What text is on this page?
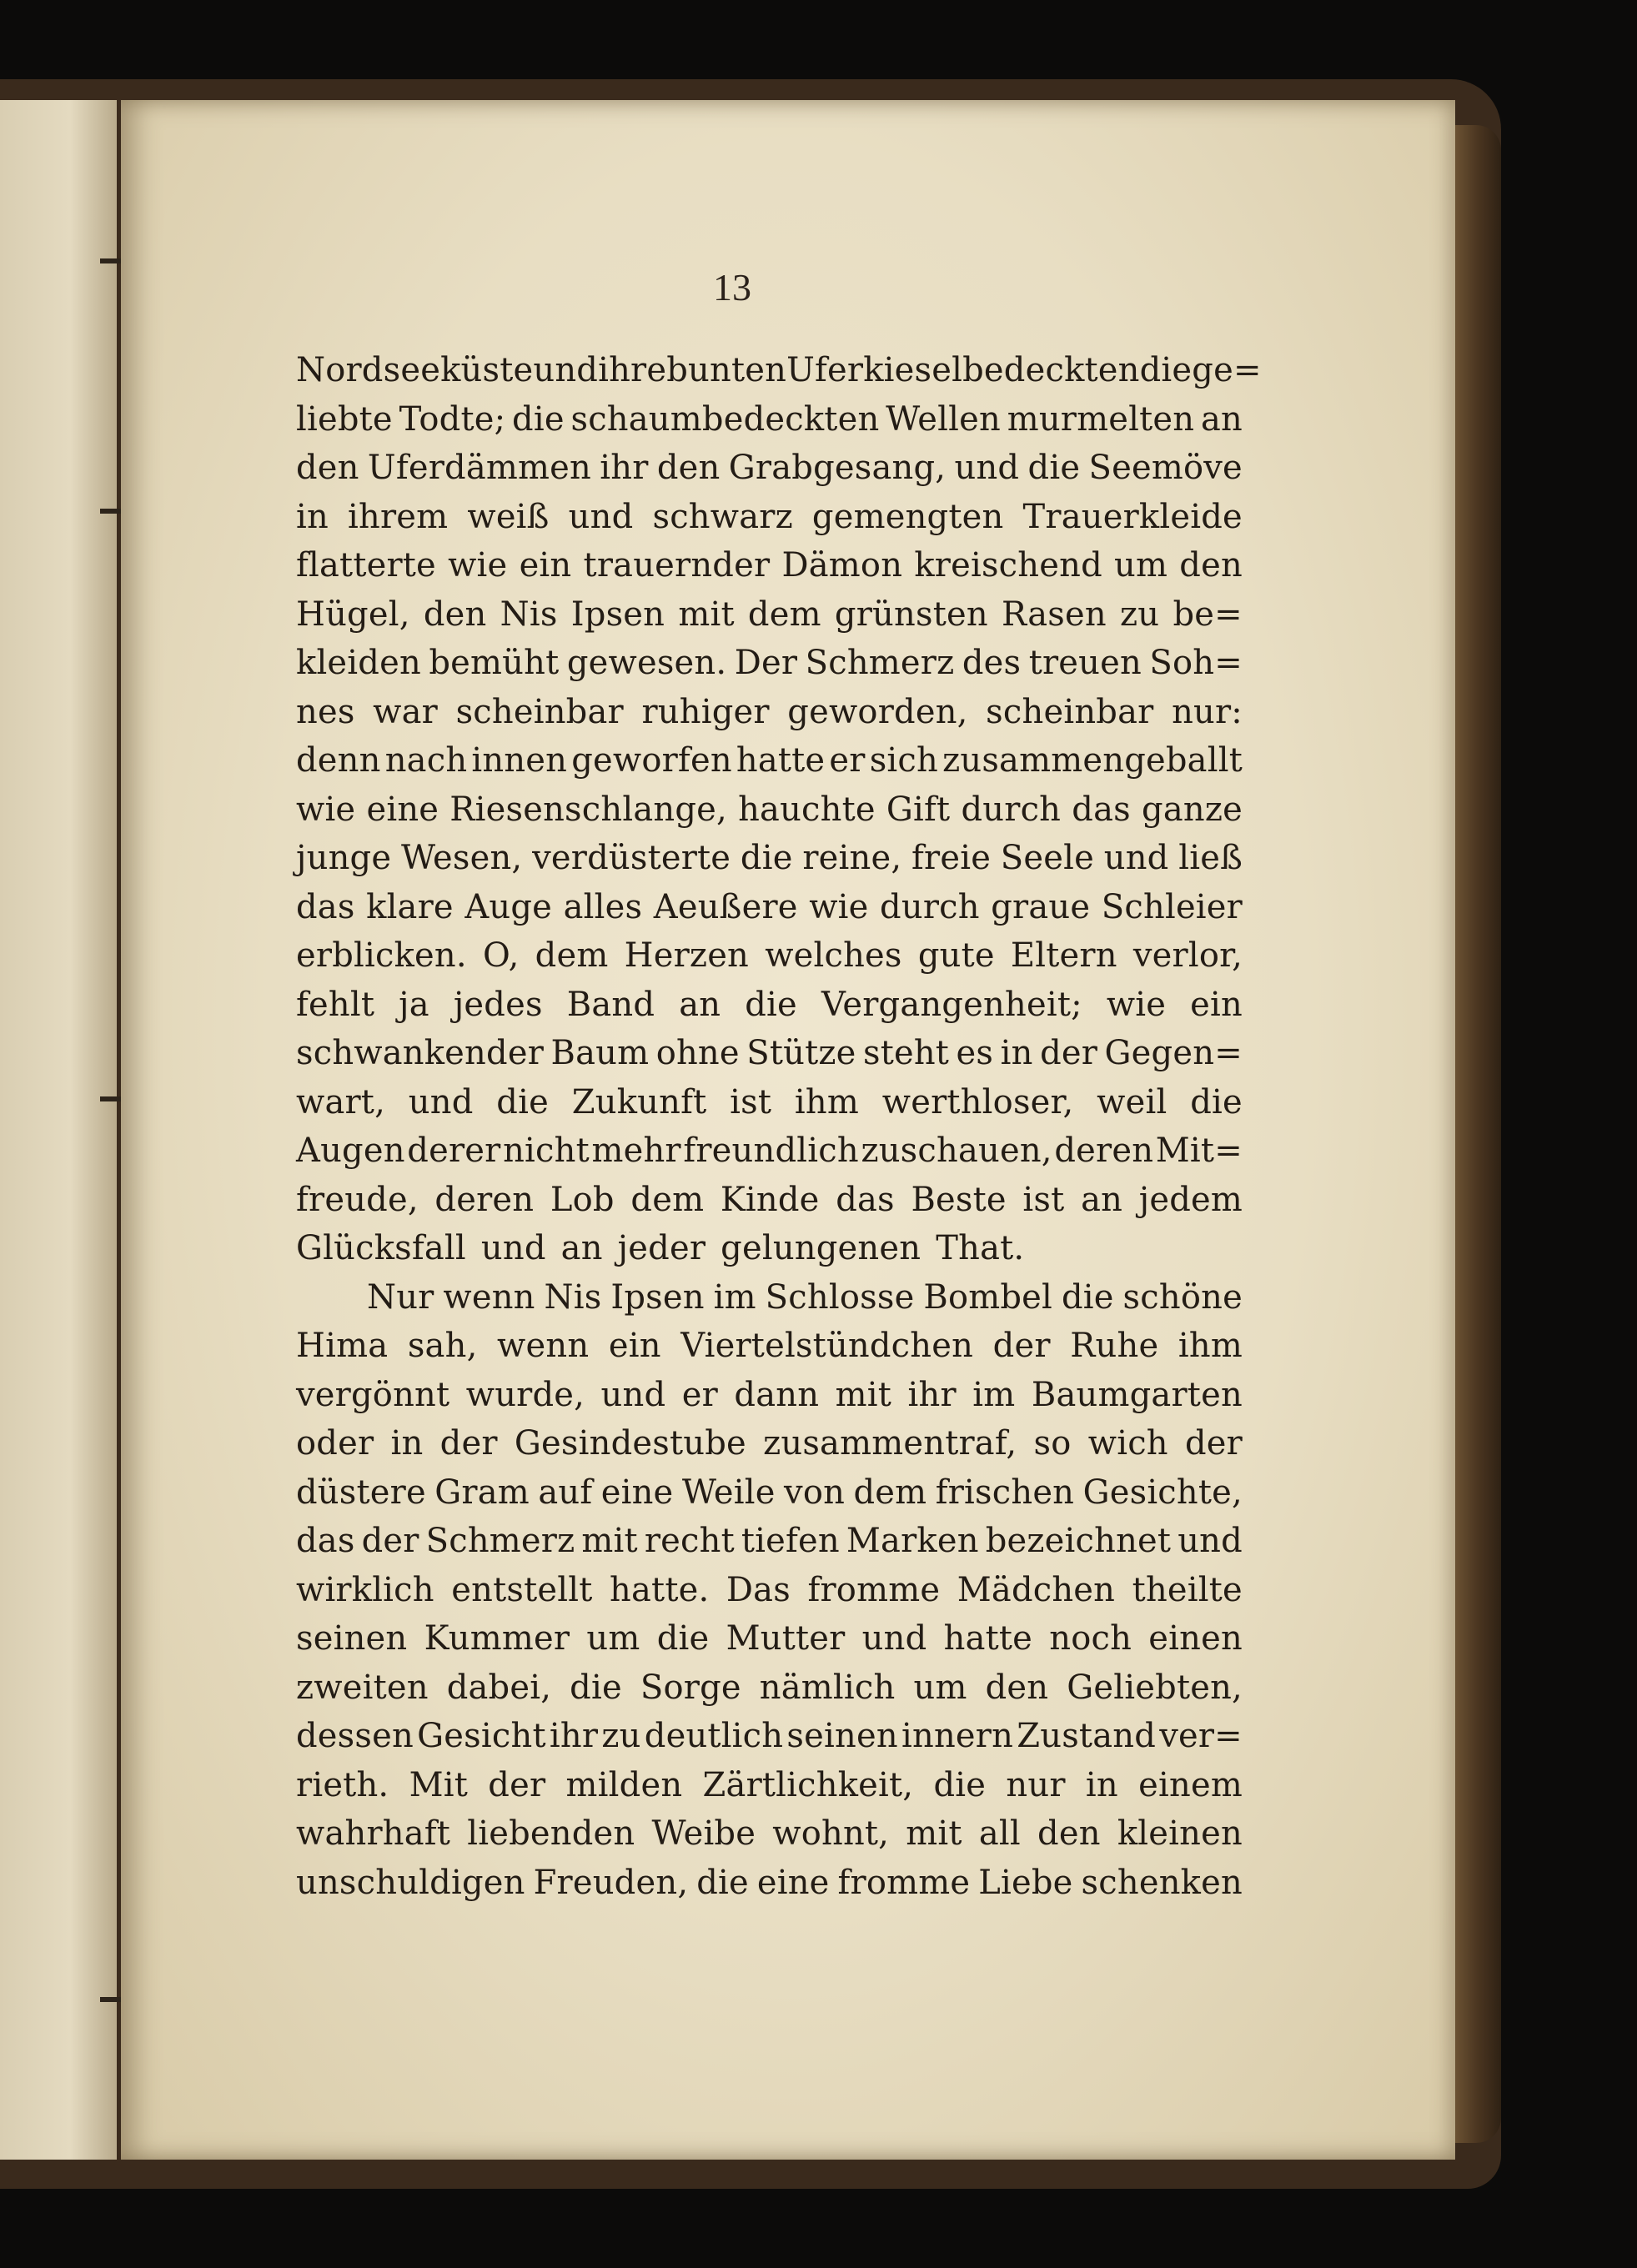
13
Nordseeküste und ihre bunten Uferkiesel bedeckten die ge=
liebte Todte; die schaumbedeckten Wellen murmelten an
den Uferdämmen ihr den Grabgesang, und die Seemöve
in ihrem weiß und schwarz gemengten Trauerkleide
flatterte wie ein trauernder Dämon kreischend um den
Hügel, den Nis Ipsen mit dem grünsten Rasen zu be=
kleiden bemüht gewesen. Der Schmerz des treuen Soh=
nes war scheinbar ruhiger geworden, scheinbar nur:
denn nach innen geworfen hatte er sich zusammengeballt
wie eine Riesenschlange, hauchte Gift durch das ganze
junge Wesen, verdüsterte die reine, freie Seele und ließ
das klare Auge alles Aeußere wie durch graue Schleier
erblicken. O, dem Herzen welches gute Eltern verlor,
fehlt ja jedes Band an die Vergangenheit; wie ein
schwankender Baum ohne Stütze steht es in der Gegen=
wart, und die Zukunft ist ihm werthloser, weil die
Augen derer nicht mehr freundlich zuschauen, deren Mit=
freude, deren Lob dem Kinde das Beste ist an jedem
Glücksfall und an jeder gelungenen That.
Nur wenn Nis Ipsen im Schlosse Bombel die schöne
Hima sah, wenn ein Viertelstündchen der Ruhe ihm
vergönnt wurde, und er dann mit ihr im Baumgarten
oder in der Gesindestube zusammentraf, so wich der
düstere Gram auf eine Weile von dem frischen Gesichte,
das der Schmerz mit recht tiefen Marken bezeichnet und
wirklich entstellt hatte. Das fromme Mädchen theilte
seinen Kummer um die Mutter und hatte noch einen
zweiten dabei, die Sorge nämlich um den Geliebten,
dessen Gesicht ihr zu deutlich seinen innern Zustand ver=
rieth. Mit der milden Zärtlichkeit, die nur in einem
wahrhaft liebenden Weibe wohnt, mit all den kleinen
unschuldigen Freuden, die eine fromme Liebe schenken
